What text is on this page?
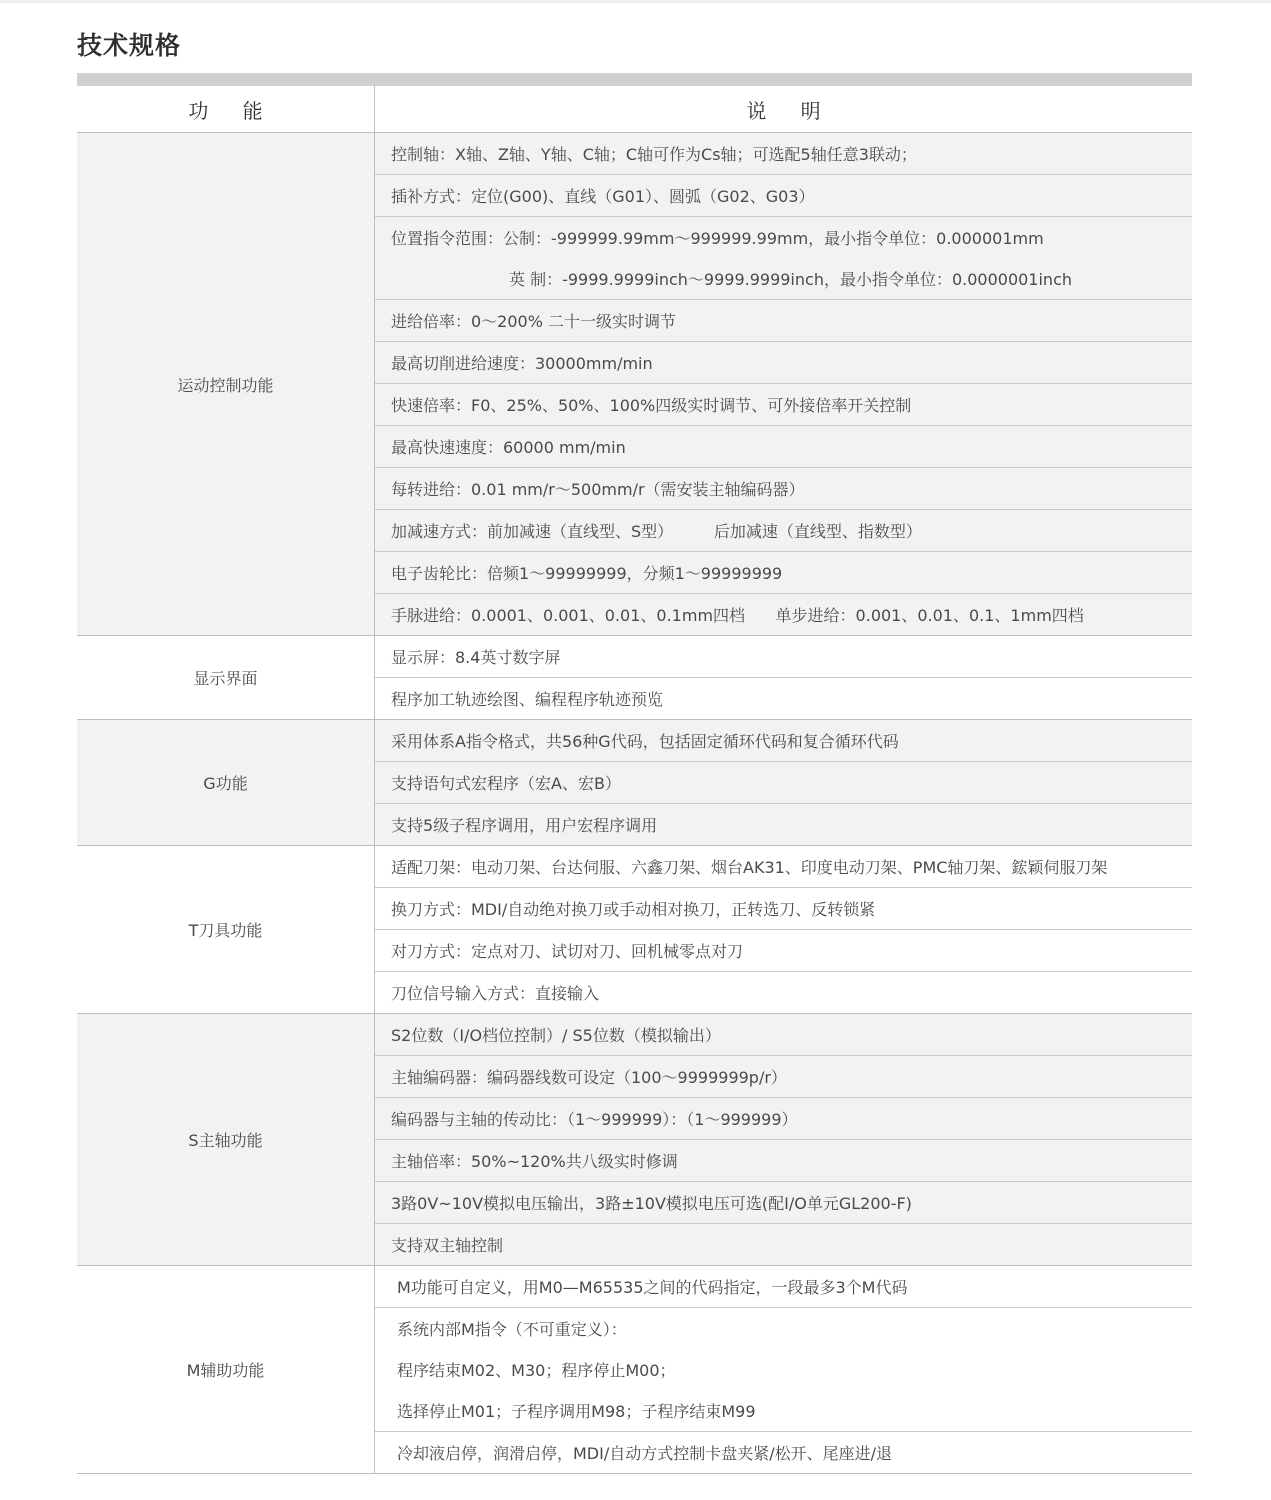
技术规格
功 能	说 明
运动控制功能	控制轴：X轴、Z轴、Y轴、C轴；C轴可作为Cs轴；可选配5轴任意3联动；
	插补方式：定位(G00)、直线（G01）、圆弧（G02、G03）
	位置指令范围：公制：-999999.99mm～999999.99mm，最小指令单位：0.000001mm
	英 制：-9999.9999inch～9999.9999inch，最小指令单位：0.0000001inch
	进给倍率：0～200% 二十一级实时调节
	最高切削进给速度：30000mm/min
	快速倍率：F0、25%、50%、100%四级实时调节、可外接倍率开关控制
	最高快速速度：60000 mm/min
	每转进给：0.01 mm/r～500mm/r（需安装主轴编码器）
	加减速方式：前加减速（直线型、S型）        后加减速（直线型、指数型）
	电子齿轮比：倍频1～99999999，分频1～99999999
	手脉进给：0.0001、0.001、0.01、0.1mm四档      单步进给：0.001、0.01、0.1、1mm四档
显示界面	显示屏：8.4英寸数字屏
	程序加工轨迹绘图、编程程序轨迹预览
G功能	采用体系A指令格式，共56种G代码，包括固定循环代码和复合循环代码
	支持语句式宏程序（宏A、宏B）
	支持5级子程序调用，用户宏程序调用
T刀具功能	适配刀架：电动刀架、台达伺服、六鑫刀架、烟台AK31、印度电动刀架、PMC轴刀架、鋐颖伺服刀架
	换刀方式：MDI/自动绝对换刀或手动相对换刀，正转选刀、反转锁紧
	对刀方式：定点对刀、试切对刀、回机械零点对刀
	刀位信号输入方式：直接输入
S主轴功能	S2位数（I/O档位控制）/ S5位数（模拟输出）
	主轴编码器：编码器线数可设定（100～9999999p/r）
	编码器与主轴的传动比：（1～999999）：（1～999999）
	主轴倍率：50%~120%共八级实时修调
	3路0V~10V模拟电压输出，3路±10V模拟电压可选(配I/O单元GL200-F)
	支持双主轴控制
M辅助功能	M功能可自定义，用M0—M65535之间的代码指定，一段最多3个M代码
	系统内部M指令（不可重定义）：
	程序结束M02、M30；程序停止M00；
	选择停止M01；子程序调用M98；子程序结束M99
	冷却液启停，润滑启停，MDI/自动方式控制卡盘夹紧/松开、尾座进/退
